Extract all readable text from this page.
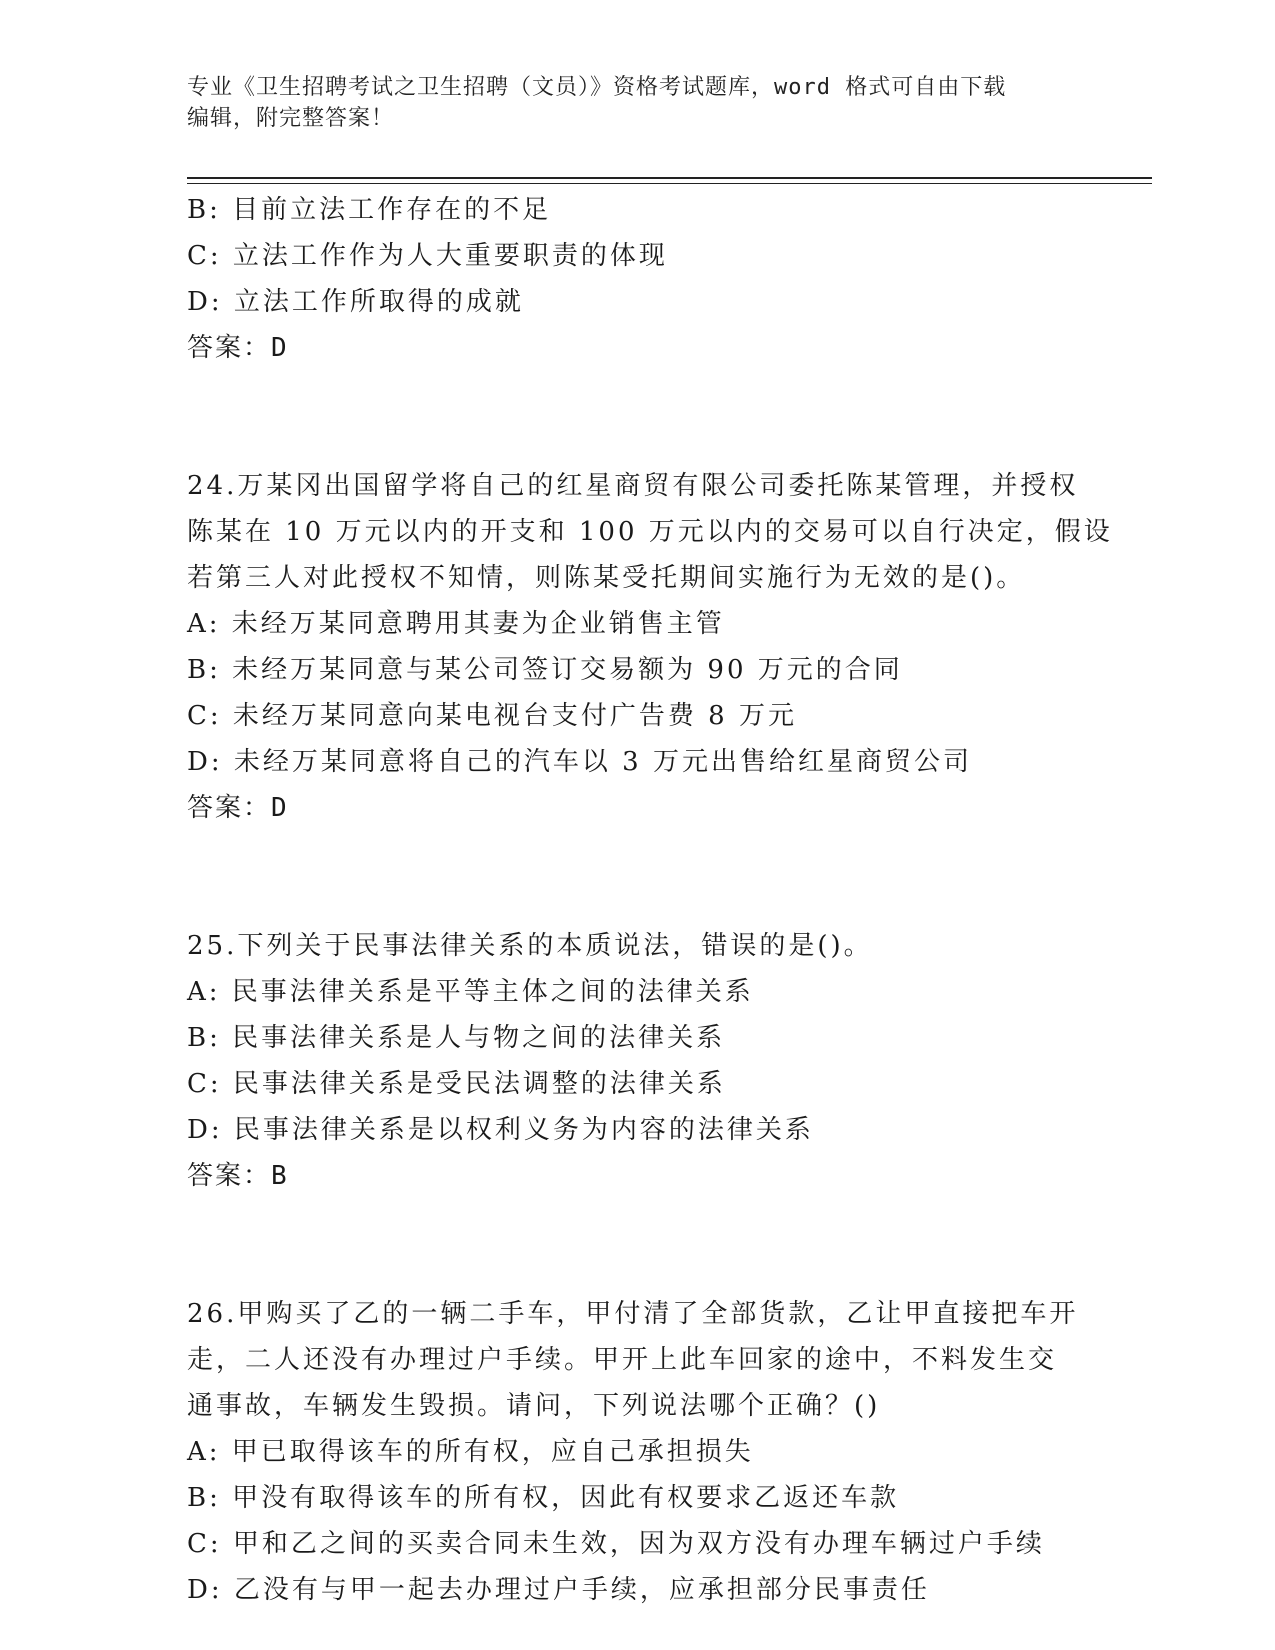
专业《卫生招聘考试之卫生招聘（文员）》资格考试题库，word 格式可自由下载
编辑，附完整答案！
B: 目前立法工作存在的不足
C: 立法工作作为人大重要职责的体现
D: 立法工作所取得的成就
答案：D
24.万某冈出国留学将自己的红星商贸有限公司委托陈某管理，并授权
陈某在 10 万元以内的开支和 100 万元以内的交易可以自行决定，假设
若第三人对此授权不知情，则陈某受托期间实施行为无效的是()。
A: 未经万某同意聘用其妻为企业销售主管
B: 未经万某同意与某公司签订交易额为 90 万元的合同
C: 未经万某同意向某电视台支付广告费 8 万元
D: 未经万某同意将自己的汽车以 3 万元出售给红星商贸公司
答案：D
25.下列关于民事法律关系的本质说法，错误的是()。
A: 民事法律关系是平等主体之间的法律关系
B: 民事法律关系是人与物之间的法律关系
C: 民事法律关系是受民法调整的法律关系
D: 民事法律关系是以权利义务为内容的法律关系
答案：B
26.甲购买了乙的一辆二手车，甲付清了全部货款，乙让甲直接把车开
走，二人还没有办理过户手续。甲开上此车回家的途中，不料发生交
通事故，车辆发生毁损。请问，下列说法哪个正确？()
A: 甲已取得该车的所有权，应自己承担损失
B: 甲没有取得该车的所有权，因此有权要求乙返还车款
C: 甲和乙之间的买卖合同未生效，因为双方没有办理车辆过户手续
D: 乙没有与甲一起去办理过户手续，应承担部分民事责任
